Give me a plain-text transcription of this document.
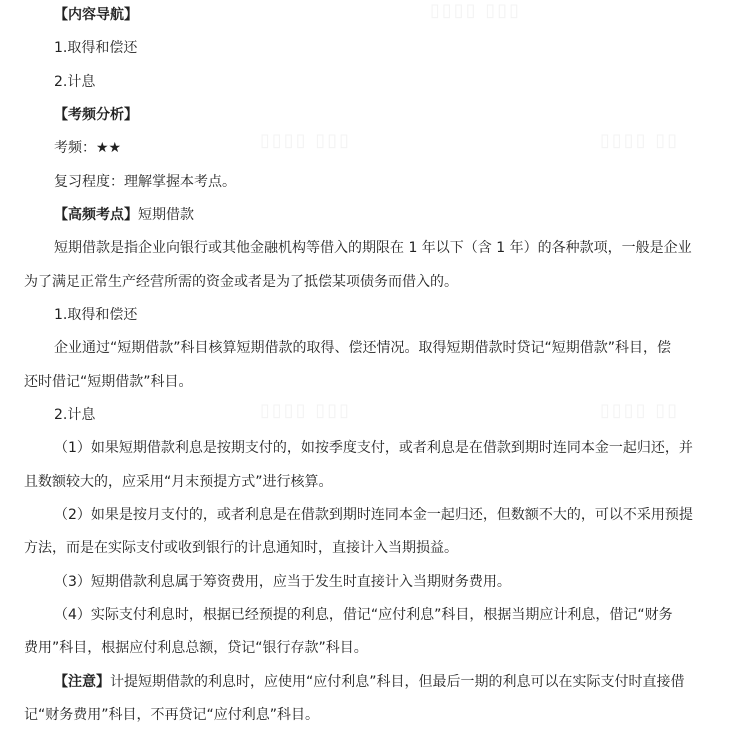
▯▯▯▯ ▯▯▯	▯▯▯▯ ▯▯
▯▯▯▯ ▯▯▯	▯▯▯▯ ▯▯
▯▯▯▯ ▯▯▯
【内容导航】
1.取得和偿还
2.计息
【考频分析】
考频：★★
复习程度：理解掌握本考点。
【高频考点】短期借款
短期借款是指企业向银行或其他金融机构等借入的期限在 1 年以下（含 1 年）的各种款项，一般是企业
为了满足正常生产经营所需的资金或者是为了抵偿某项债务而借入的。
1.取得和偿还
企业通过“短期借款”科目核算短期借款的取得、偿还情况。取得短期借款时贷记“短期借款”科目，偿
还时借记“短期借款”科目。
2.计息
（1）如果短期借款利息是按期支付的，如按季度支付，或者利息是在借款到期时连同本金一起归还，并
且数额较大的，应采用“月末预提方式”进行核算。
（2）如果是按月支付的，或者利息是在借款到期时连同本金一起归还，但数额不大的，可以不采用预提
方法，而是在实际支付或收到银行的计息通知时，直接计入当期损益。
（3）短期借款利息属于筹资费用，应当于发生时直接计入当期财务费用。
（4）实际支付利息时，根据已经预提的利息，借记“应付利息”科目，根据当期应计利息，借记“财务
费用”科目，根据应付利息总额，贷记“银行存款”科目。
【注意】计提短期借款的利息时，应使用“应付利息”科目，但最后一期的利息可以在实际支付时直接借
记“财务费用”科目，不再贷记“应付利息”科目。
